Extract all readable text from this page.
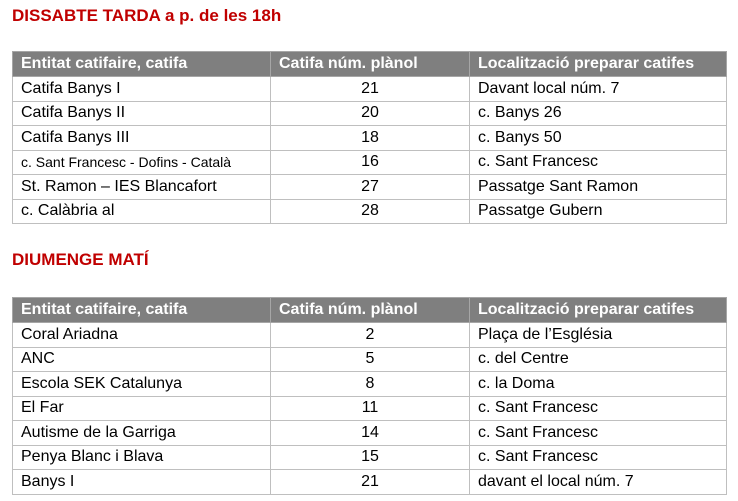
DISSABTE TARDA a p. de les 18h
Entitat catifaire, catifa	Catifa núm. plànol	Localització preparar catifes
Catifa Banys I	21	Davant local núm. 7
Catifa Banys II	20	c. Banys 26
Catifa Banys III	18	c. Banys 50
c. Sant Francesc - Dofins - Català	16	c. Sant Francesc
St. Ramon – IES Blancafort	27	Passatge Sant Ramon
c. Calàbria al	28	Passatge Gubern
DIUMENGE MATÍ
Entitat catifaire, catifa	Catifa núm. plànol	Localització preparar catifes
Coral Ariadna	2	Plaça de l’Església
ANC	5	c. del Centre
Escola SEK Catalunya	8	c. la Doma
El Far	11	c. Sant Francesc
Autisme de la Garriga	14	c. Sant Francesc
Penya Blanc i Blava	15	c. Sant Francesc
Banys I	21	davant el local núm. 7
